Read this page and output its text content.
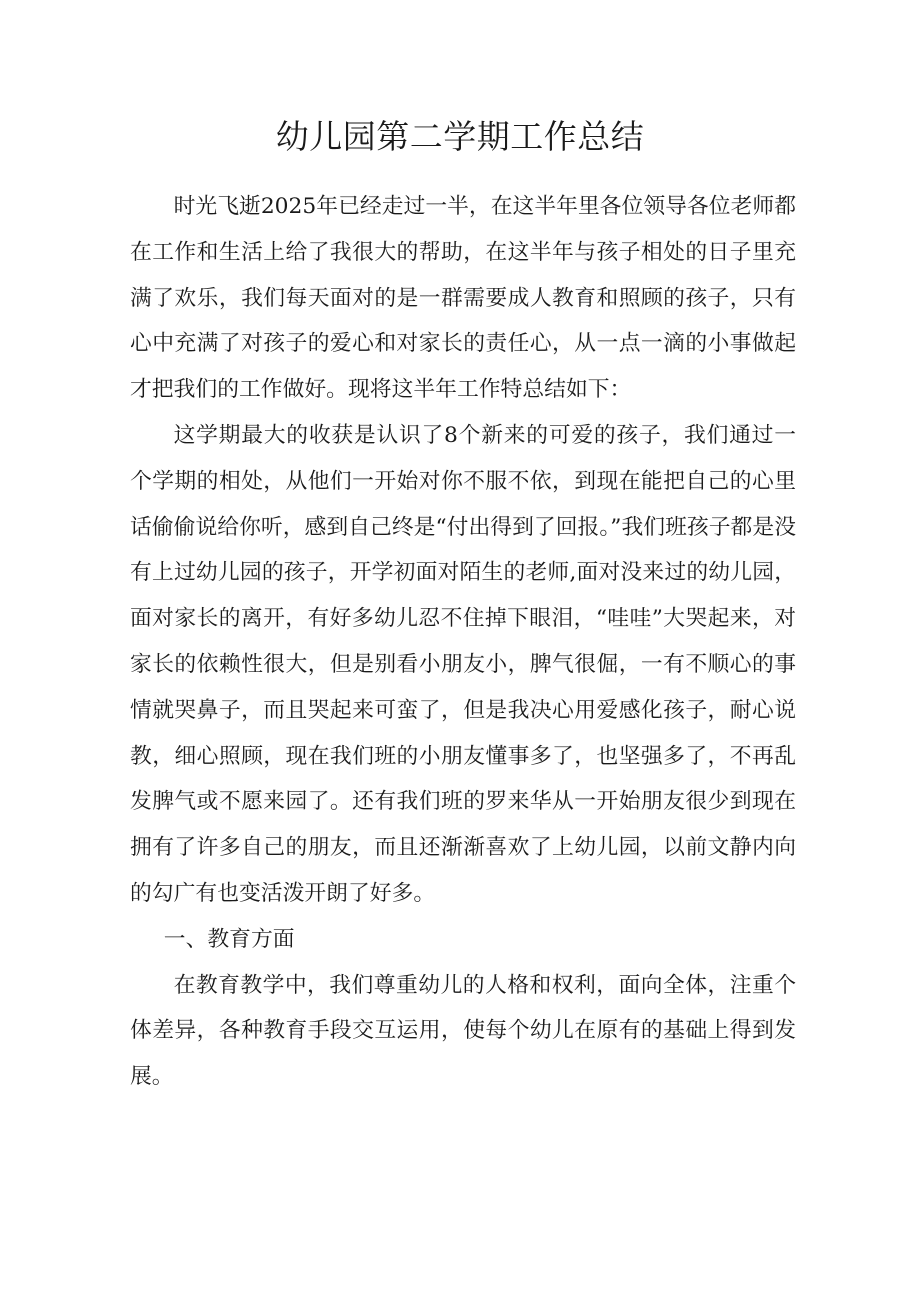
幼儿园第二学期工作总结

时光飞逝2025年已经走过一半，在这半年里各位领导各位老师都在工作和生活上给了我很大的帮助，在这半年与孩子相处的日子里充满了欢乐，我们每天面对的是一群需要成人教育和照顾的孩子，只有心中充满了对孩子的爱心和对家长的责任心，从一点一滴的小事做起才把我们的工作做好。现将这半年工作特总结如下：

这学期最大的收获是认识了8个新来的可爱的孩子，我们通过一个学期的相处，从他们一开始对你不服不依，到现在能把自己的心里话偷偷说给你听，感到自己终是“付出得到了回报。”我们班孩子都是没有上过幼儿园的孩子，开学初面对陌生的老师,面对没来过的幼儿园，面对家长的离开，有好多幼儿忍不住掉下眼泪，“哇哇”大哭起来，对家长的依赖性很大，但是别看小朋友小，脾气很倔，一有不顺心的事情就哭鼻子，而且哭起来可蛮了，但是我决心用爱感化孩子，耐心说教，细心照顾，现在我们班的小朋友懂事多了，也坚强多了，不再乱发脾气或不愿来园了。还有我们班的罗来华从一开始朋友很少到现在拥有了许多自己的朋友，而且还渐渐喜欢了上幼儿园，以前文静内向的勾广有也变活泼开朗了好多。

一、教育方面

在教育教学中，我们尊重幼儿的人格和权利，面向全体，注重个体差异，各种教育手段交互运用，使每个幼儿在原有的基础上得到发展。
